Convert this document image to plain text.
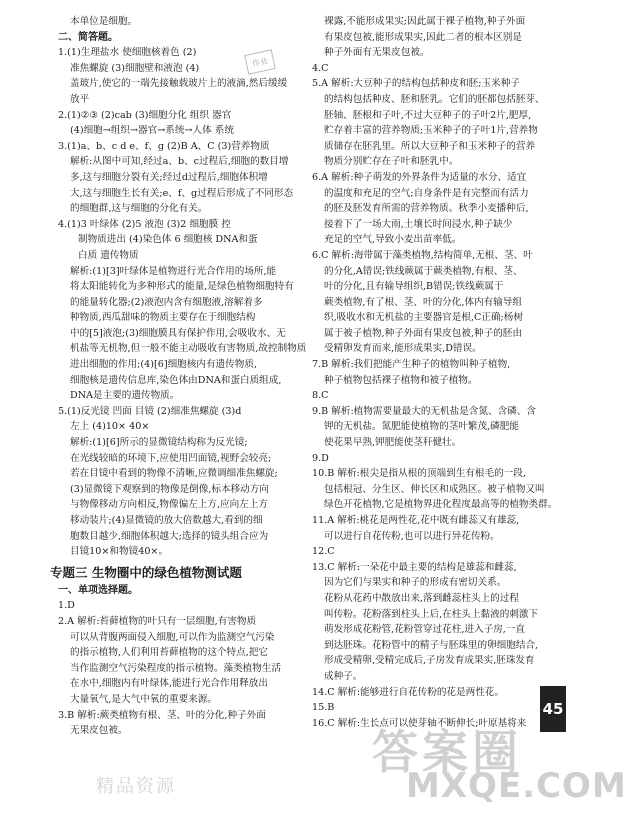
本单位是细胞。
二、简答题。
1.(1)生理盐水 使细胞核着色 (2)
准焦螺旋 (3)细胞壁和液泡 (4)
盖玻片,使它的一端先接触载玻片上的液滴,然后缓缓
放平
2.(1)②③ (2)cab (3)细胞分化 组织 器官
(4)细胞→组织→器官→系统→人体 系统
3.(1)a、b、c d e、f、g (2)B A、C (3)营养物质
解析:从图中可知,经过a、b、c过程后,细胞的数目增
多,这与细胞分裂有关;经过d过程后,细胞体积增
大,这与细胞生长有关;e、f、g过程后形成了不同形态
的细胞群,这与细胞的分化有关。
4.(1)3 叶绿体 (2)5 液泡 (3)2 细胞膜 控
制物质进出 (4)染色体 6 细胞核 DNA和蛋
白质 遗传物质
解析:(1)[3]叶绿体是植物进行光合作用的场所,能
将太阳能转化为多种形式的能量,是绿色植物细胞特有
的能量转化器;(2)液泡内含有细胞液,溶解着多
种物质,西瓜甜味的物质主要存在于细胞结构
中的[5]液泡;(3)细胞膜具有保护作用,会吸收水、无
机盐等无机物,但一般不能主动吸收有害物质,故控制物质
进出细胞的作用;(4)[6]细胞核内有遗传物质,
细胞核是遗传信息库,染色体由DNA和蛋白质组成,
DNA是主要的遗传物质。
5.(1)反光镜 凹面 目镜 (2)细准焦螺旋 (3)d
左上 (4)10× 40×
解析:(1)[6]所示的显微镜结构称为反光镜;
在光线较暗的环境下,应使用凹面镜,视野会较亮;
若在目镜中看到的物像不清晰,应微调细准焦螺旋;
(3)显微镜下观察到的物像是倒像,标本移动方向
与物像移动方向相反,物像偏左上方,应向左上方
移动装片;(4)显微镜的放大倍数越大,看到的细
胞数目越少,细胞体积越大;选择的镜头组合应为
目镜10×和物镜40×。
专题三 生物圈中的绿色植物测试题
一、单项选择题。
1.D
2.A 解析:苔藓植物的叶只有一层细胞,有害物质
可以从背腹两面侵入细胞,可以作为监测空气污染
的指示植物,人们利用苔藓植物的这个特点,把它
当作监测空气污染程度的指示植物。藻类植物生活
在水中,细胞内有叶绿体,能进行光合作用释放出
大量氧气,是大气中氧的重要来源。
3.B 解析:蕨类植物有根、茎、叶的分化,种子外面
无果皮包被。
裸露,不能形成果实;因此属于裸子植物,种子外面
有果皮包被,能形成果实,因此二者的根本区别是
种子外面有无果皮包被。
4.C
5.A 解析:大豆种子的结构包括种皮和胚;玉米种子
的结构包括种皮、胚和胚乳。它们的胚都包括胚芽、
胚轴、胚根和子叶,不过大豆种子的子叶2片,肥厚,
贮存着丰富的营养物质;玉米种子的子叶1片,营养物
质储存在胚乳里。所以大豆种子和玉米种子的营养
物质分别贮存在子叶和胚乳中。
6.A 解析:种子萌发的外界条件为适量的水分、适宜
的温度和充足的空气;自身条件是有完整而有活力
的胚及胚发育所需的营养物质。秋季小麦播种后,
接着下了一场大雨,土壤长时间浸水,种子缺少
充足的空气,导致小麦出苗率低。
6.C 解析:海带属于藻类植物,结构简单,无根、茎、叶
的分化,A错误;铁线蕨属于蕨类植物,有根、茎、
叶的分化,且有输导组织,B错误;铁线蕨属于
蕨类植物,有了根、茎、叶的分化,体内有输导组
织,吸收水和无机盐的主要器官是根,C正确;杨树
属于被子植物,种子外面有果皮包被,种子的胚由
受精卵发育而来,能形成果实,D错误。
7.B 解析:我们把能产生种子的植物叫种子植物,
种子植物包括裸子植物和被子植物。
8.C
9.B 解析:植物需要量最大的无机盐是含氮、含磷、含
钾的无机盐。氮肥能使植物的茎叶繁茂,磷肥能
使花果早熟,钾肥能使茎秆健壮。
9.D
10.B 解析:根尖是指从根的顶端到生有根毛的一段,
包括根冠、分生区、伸长区和成熟区。被子植物又叫
绿色开花植物,它是植物界进化程度最高等的植物类群。
11.A 解析:桃花是两性花,花中既有雌蕊又有雄蕊,
可以进行自花传粉,也可以进行异花传粉。
12.C
13.C 解析:一朵花中最主要的结构是雄蕊和雌蕊,
因为它们与果实和种子的形成有密切关系。
花粉从花药中散放出来,落到雌蕊柱头上的过程
叫传粉。花粉落到柱头上后,在柱头上黏液的刺激下
萌发形成花粉管,花粉管穿过花柱,进入子房,一直
到达胚珠。花粉管中的精子与胚珠里的卵细胞结合,
形成受精卵,受精完成后,子房发育成果实,胚珠发育
成种子。
14.C 解析:能够进行自花传粉的花是两性花。
15.B
16.C 解析:生长点可以使芽轴不断伸长;叶原基将来
作业
45
精品资源
答案圈
MXQE.COM
